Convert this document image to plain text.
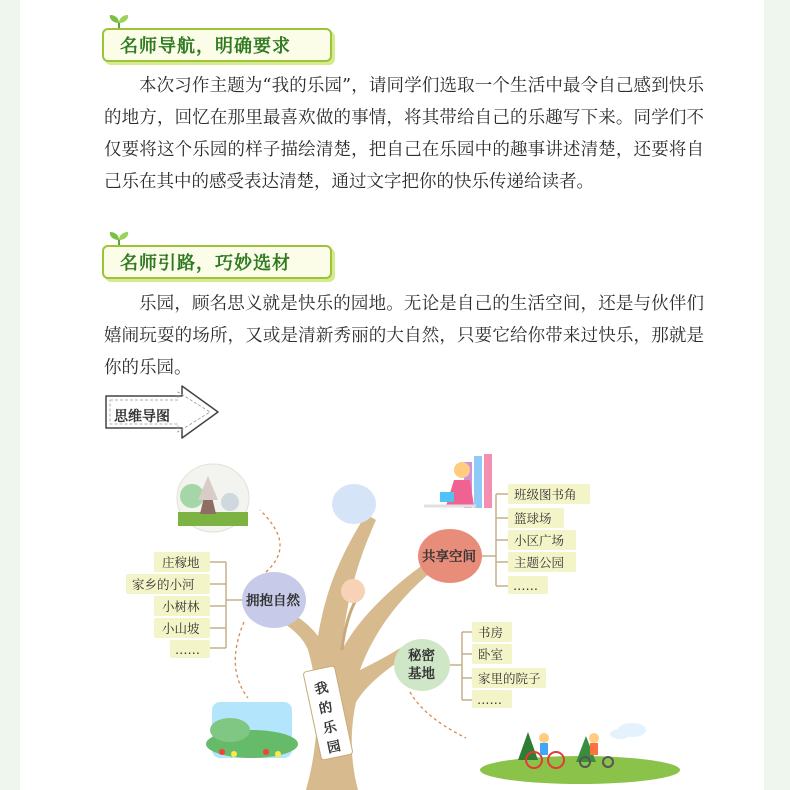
名师导航，明确要求

本次习作主题为“我的乐园”，请同学们选取一个生活中最令自己感到快乐的地方，回忆在那里最喜欢做的事情，将其带给自己的乐趣写下来。同学们不仅要将这个乐园的样子描绘清楚，把自己在乐园中的趣事讲述清楚，还要将自己乐在其中的感受表达清楚，通过文字把你的快乐传递给读者。

名师引路，巧妙选材

乐园，顾名思义就是快乐的园地。无论是自己的生活空间，还是与伙伴们嬉闹玩耍的场所，又或是清新秀丽的大自然，只要它给你带来过快乐，那就是你的乐园。

思维导图
我
的
乐
园
拥抱自然
庄稼地
家乡的小河
小树林
小山坡
……
共享空间
班级图书角
篮球场
小区广场
主题公园
……
秘密
基地
书房
卧室
家里的院子
……
